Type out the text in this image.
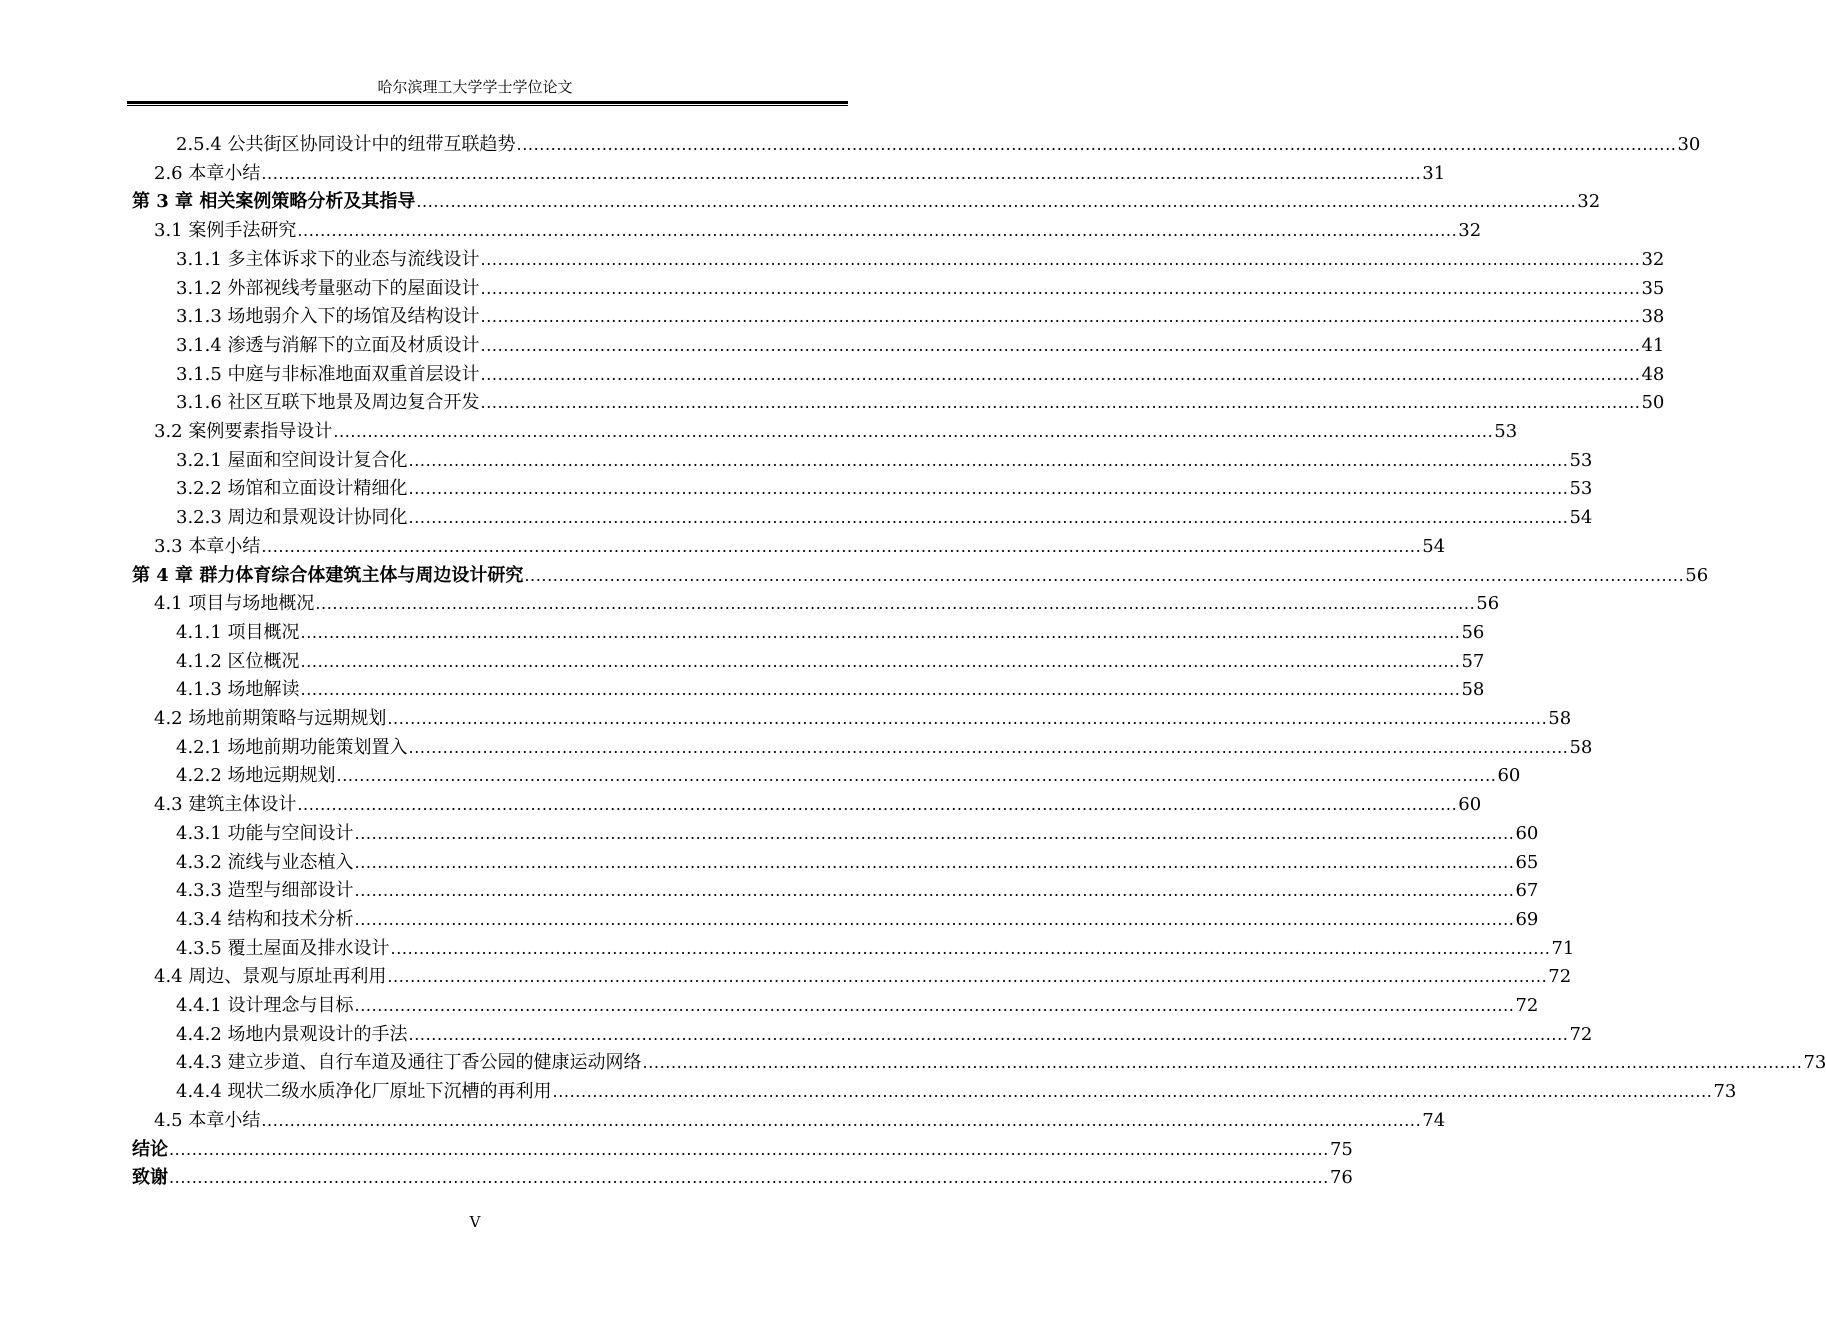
哈尔滨理工大学学士学位论文
2.5.4 公共街区协同设计中的纽带互联趋势 ............................................................................................................................................................................................................ 30
2.6 本章小结 ............................................................................................................................................................................................................ 31
第 3 章 相关案例策略分析及其指导 ............................................................................................................................................................................................................ 32
3.1 案例手法研究 ............................................................................................................................................................................................................ 32
3.1.1 多主体诉求下的业态与流线设计 ............................................................................................................................................................................................................ 32
3.1.2 外部视线考量驱动下的屋面设计 ............................................................................................................................................................................................................ 35
3.1.3 场地弱介入下的场馆及结构设计 ............................................................................................................................................................................................................ 38
3.1.4 渗透与消解下的立面及材质设计 ............................................................................................................................................................................................................ 41
3.1.5 中庭与非标准地面双重首层设计 ............................................................................................................................................................................................................ 48
3.1.6 社区互联下地景及周边复合开发 ............................................................................................................................................................................................................ 50
3.2 案例要素指导设计 ............................................................................................................................................................................................................ 53
3.2.1 屋面和空间设计复合化 ............................................................................................................................................................................................................ 53
3.2.2 场馆和立面设计精细化 ............................................................................................................................................................................................................ 53
3.2.3 周边和景观设计协同化 ............................................................................................................................................................................................................ 54
3.3 本章小结 ............................................................................................................................................................................................................ 54
第 4 章 群力体育综合体建筑主体与周边设计研究 ............................................................................................................................................................................................................ 56
4.1 项目与场地概况 ............................................................................................................................................................................................................ 56
4.1.1 项目概况 ............................................................................................................................................................................................................ 56
4.1.2 区位概况 ............................................................................................................................................................................................................ 57
4.1.3 场地解读 ............................................................................................................................................................................................................ 58
4.2 场地前期策略与远期规划 ............................................................................................................................................................................................................ 58
4.2.1 场地前期功能策划置入 ............................................................................................................................................................................................................ 58
4.2.2 场地远期规划 ............................................................................................................................................................................................................ 60
4.3 建筑主体设计 ............................................................................................................................................................................................................ 60
4.3.1 功能与空间设计 ............................................................................................................................................................................................................ 60
4.3.2 流线与业态植入 ............................................................................................................................................................................................................ 65
4.3.3 造型与细部设计 ............................................................................................................................................................................................................ 67
4.3.4 结构和技术分析 ............................................................................................................................................................................................................ 69
4.3.5 覆土屋面及排水设计 ............................................................................................................................................................................................................ 71
4.4 周边、景观与原址再利用 ............................................................................................................................................................................................................ 72
4.4.1 设计理念与目标 ............................................................................................................................................................................................................ 72
4.4.2 场地内景观设计的手法 ............................................................................................................................................................................................................ 72
4.4.3 建立步道、自行车道及通往丁香公园的健康运动网络 ............................................................................................................................................................................................................ 73
4.4.4 现状二级水质净化厂原址下沉槽的再利用 ............................................................................................................................................................................................................ 73
4.5 本章小结 ............................................................................................................................................................................................................ 74
结论 ............................................................................................................................................................................................................ 75
致谢 ............................................................................................................................................................................................................ 76
V
